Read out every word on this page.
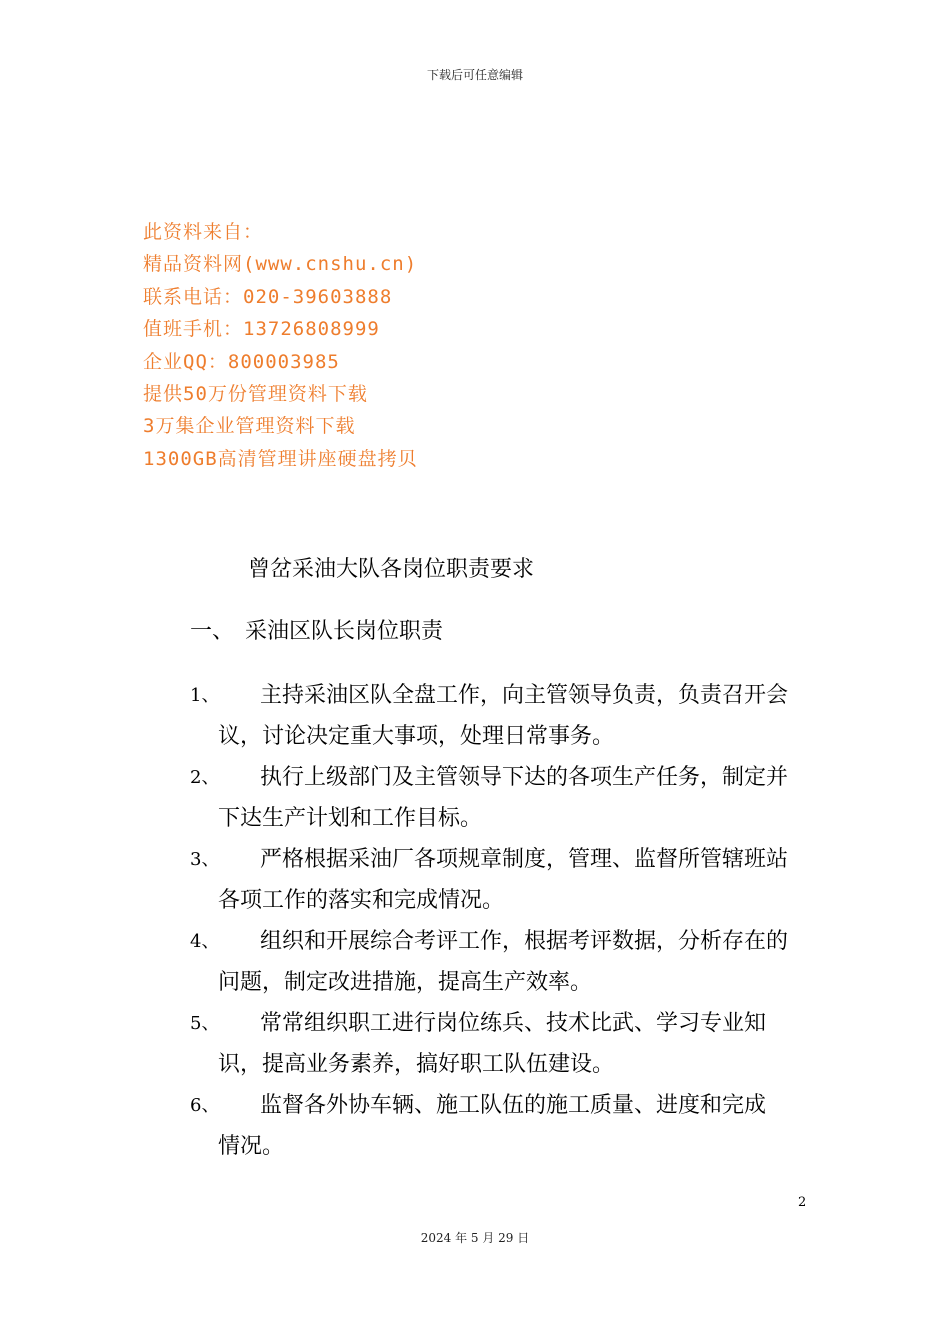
下载后可任意编辑
此资料来自：
精品资料网(www.cnshu.cn)
联系电话：020-39603888
值班手机：13726808999
企业QQ：800003985
提供50万份管理资料下载
3万集企业管理资料下载
1300GB高清管理讲座硬盘拷贝
曾岔采油大队各岗位职责要求
一、 采油区队长岗位职责
1、 主持采油区队全盘工作，向主管领导负责，负责召开会
议，讨论决定重大事项，处理日常事务。
2、 执行上级部门及主管领导下达的各项生产任务，制定并
下达生产计划和工作目标。
3、 严格根据采油厂各项规章制度，管理、监督所管辖班站
各项工作的落实和完成情况。
4、 组织和开展综合考评工作，根据考评数据，分析存在的
问题，制定改进措施，提高生产效率。
5、 常常组织职工进行岗位练兵、技术比武、学习专业知
识，提高业务素养，搞好职工队伍建设。
6、 监督各外协车辆、施工队伍的施工质量、进度和完成
情况。
2
2024 年 5 月 29 日
